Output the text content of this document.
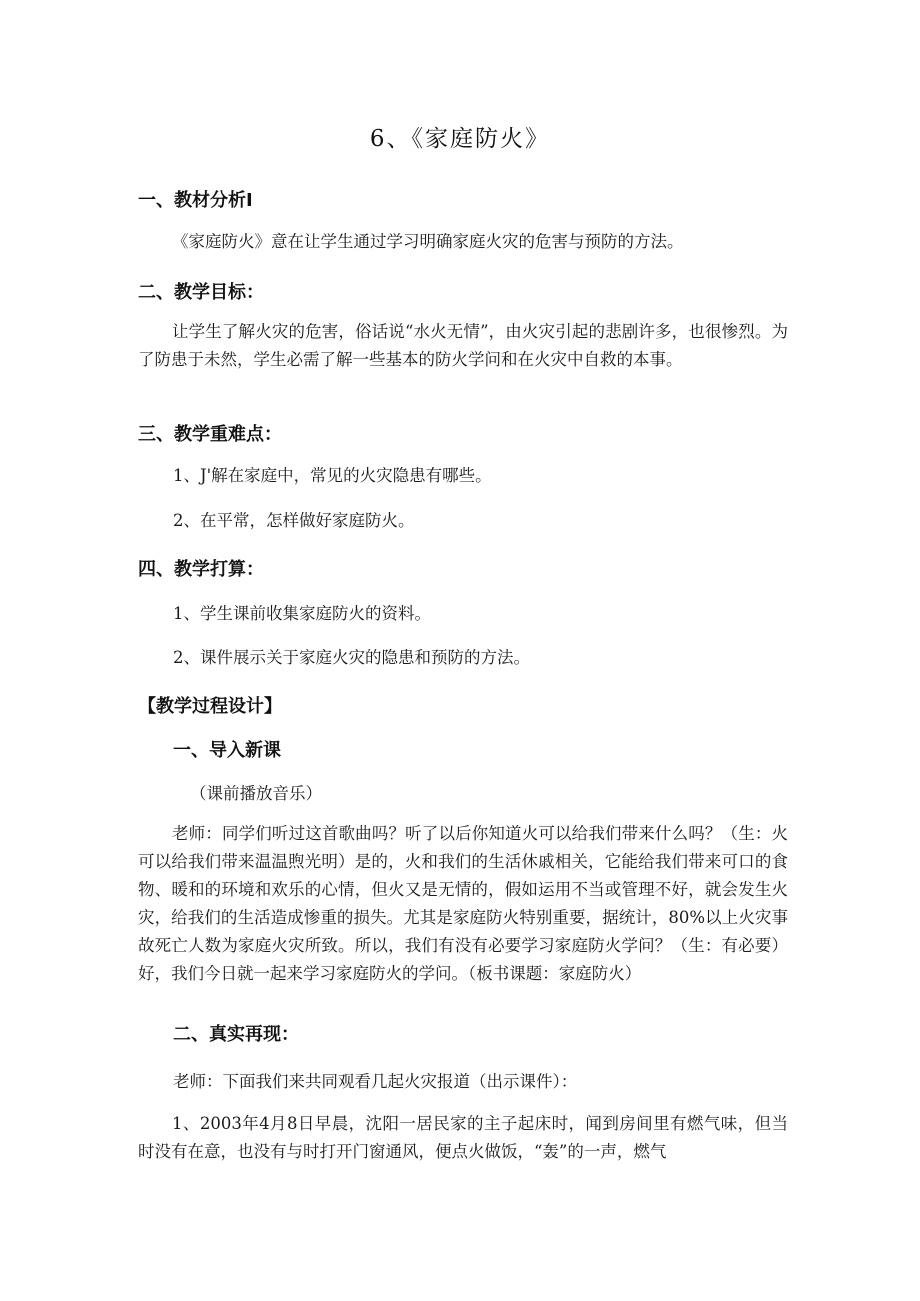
6、《家庭防火》
一、教材分析I
《家庭防火》意在让学生通过学习明确家庭火灾的危害与预防的方法。
二、教学目标：
让学生了解火灾的危害，俗话说“水火无情”，由火灾引起的悲剧许多，也很惨烈。为了防患于未然，学生必需了解一些基本的防火学问和在火灾中自救的本事。
三、教学重难点：
1、J'解在家庭中，常见的火灾隐患有哪些。
2、在平常，怎样做好家庭防火。
四、教学打算：
1、学生课前收集家庭防火的资料。
2、课件展示关于家庭火灾的隐患和预防的方法。
【教学过程设计】
一、导入新课
（课前播放音乐）
老师：同学们听过这首歌曲吗？听了以后你知道火可以给我们带来什么吗？（生：火可以给我们带来温温煦光明）是的，火和我们的生活休戚相关，它能给我们带来可口的食物、暖和的环境和欢乐的心情，但火又是无情的，假如运用不当或管理不好，就会发生火灾，给我们的生活造成惨重的损失。尤其是家庭防火特别重要，据统计，80%以上火灾事故死亡人数为家庭火灾所致。所以，我们有没有必要学习家庭防火学问？（生：有必要）好，我们今日就一起来学习家庭防火的学问。（板书课题：家庭防火）
二、真实再现：
老师：下面我们来共同观看几起火灾报道（出示课件）：
1、2003年4月8日早晨，沈阳一居民家的主子起床时，闻到房间里有燃气味，但当时没有在意，也没有与时打开门窗通风，便点火做饭，“轰”的一声，燃气
